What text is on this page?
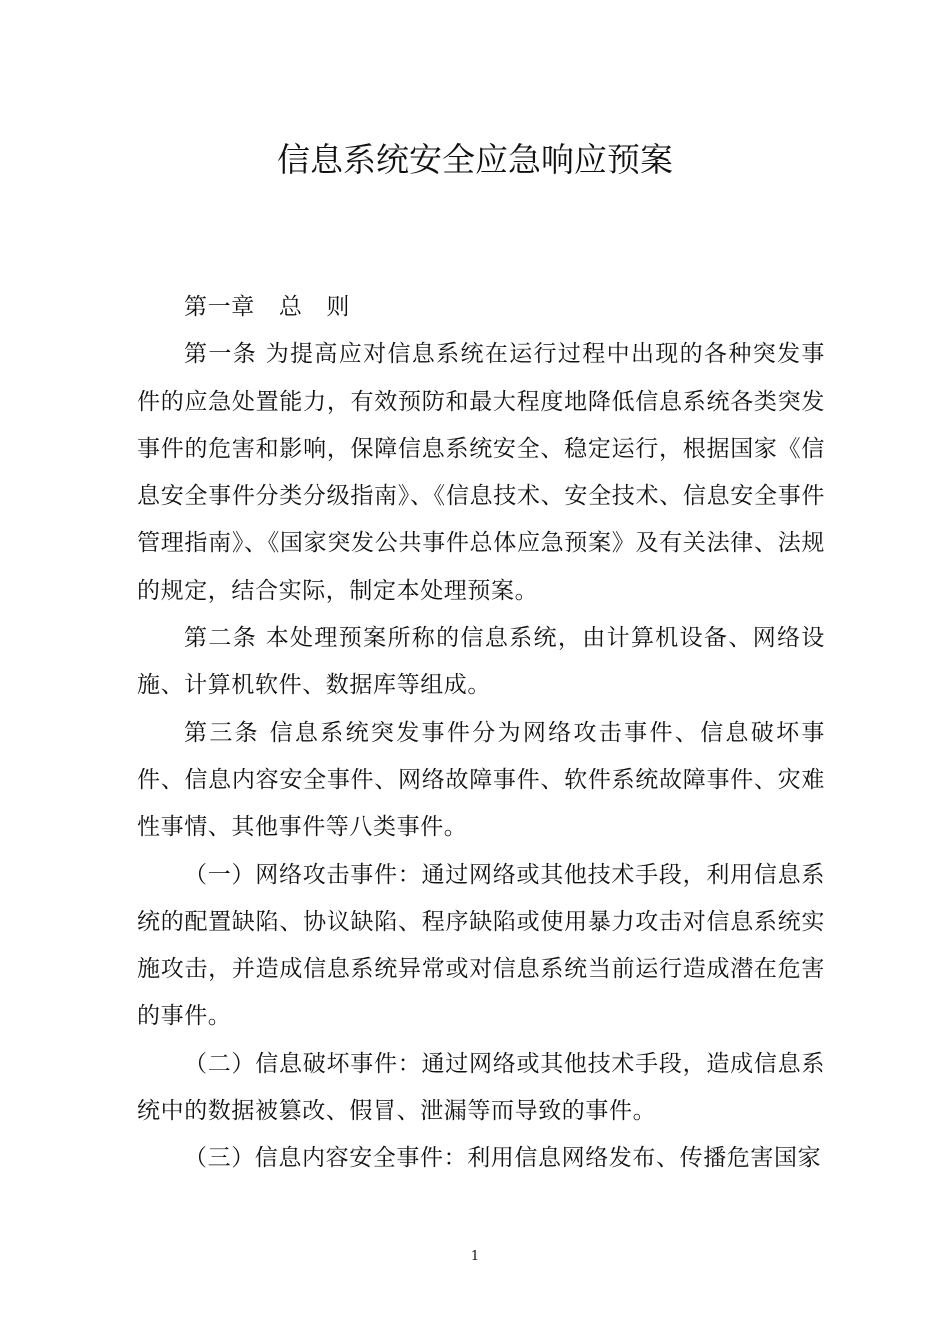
信息系统安全应急响应预案

第一章 总 则

第一条 为提高应对信息系统在运行过程中出现的各种突发事件的应急处置能力，有效预防和最大程度地降低信息系统各类突发事件的危害和影响，保障信息系统安全、稳定运行，根据国家《信息安全事件分类分级指南》、《信息技术、安全技术、信息安全事件管理指南》、《国家突发公共事件总体应急预案》及有关法律、法规的规定，结合实际，制定本处理预案。

第二条 本处理预案所称的信息系统，由计算机设备、网络设施、计算机软件、数据库等组成。

第三条 信息系统突发事件分为网络攻击事件、信息破坏事件、信息内容安全事件、网络故障事件、软件系统故障事件、灾难性事情、其他事件等八类事件。

（一）网络攻击事件：通过网络或其他技术手段，利用信息系统的配置缺陷、协议缺陷、程序缺陷或使用暴力攻击对信息系统实施攻击，并造成信息系统异常或对信息系统当前运行造成潜在危害的事件。

（二）信息破坏事件：通过网络或其他技术手段，造成信息系统中的数据被篡改、假冒、泄漏等而导致的事件。

（三）信息内容安全事件：利用信息网络发布、传播危害国家

1
